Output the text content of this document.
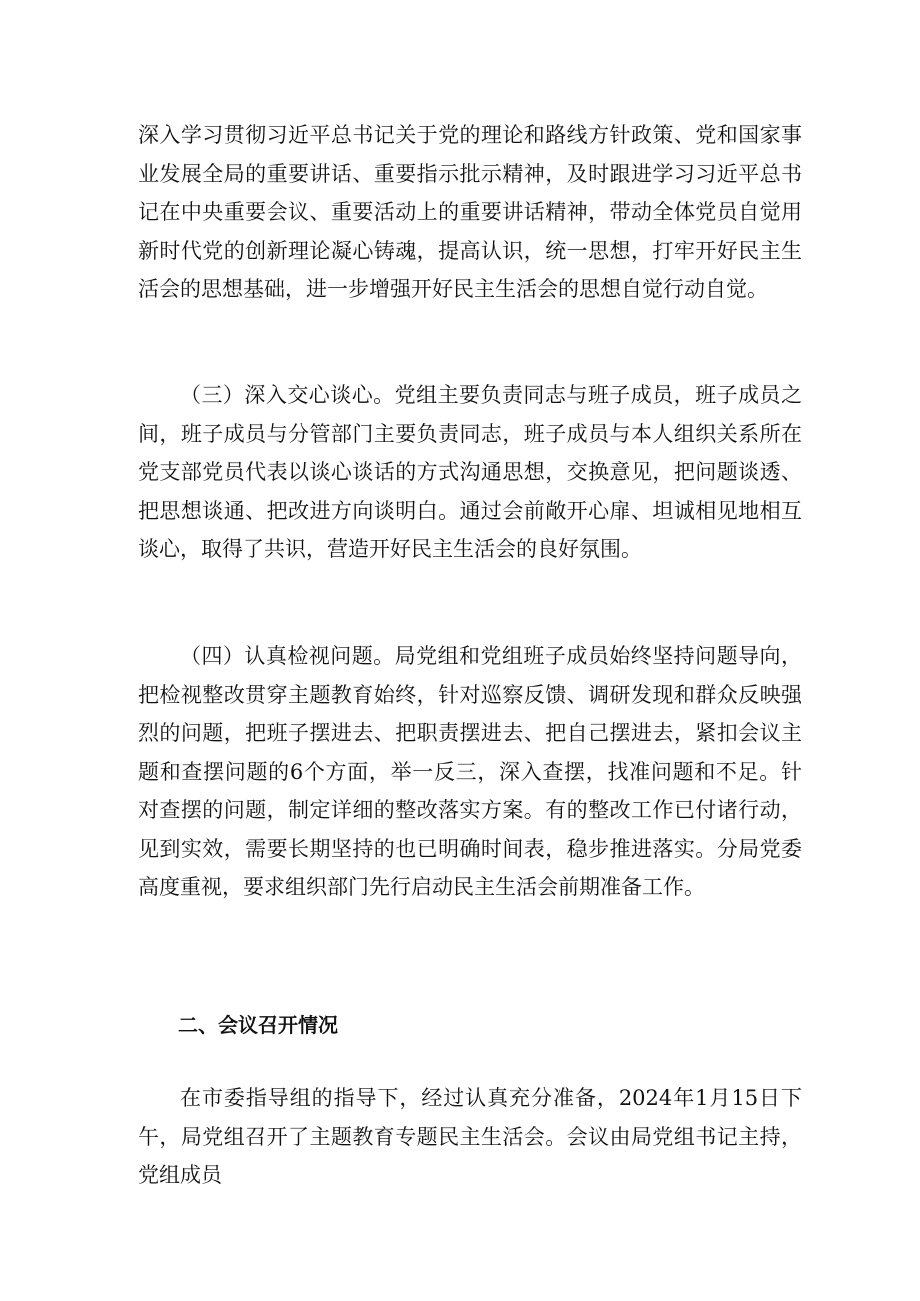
深入学习贯彻习近平总书记关于党的理论和路线方针政策、党和国家事业发展全局的重要讲话、重要指示批示精神，及时跟进学习习近平总书记在中央重要会议、重要活动上的重要讲话精神，带动全体党员自觉用新时代党的创新理论凝心铸魂，提高认识，统一思想，打牢开好民主生活会的思想基础，进一步增强开好民主生活会的思想自觉行动自觉。

（三）深入交心谈心。党组主要负责同志与班子成员，班子成员之间，班子成员与分管部门主要负责同志，班子成员与本人组织关系所在党支部党员代表以谈心谈话的方式沟通思想，交换意见，把问题谈透、把思想谈通、把改进方向谈明白。通过会前敞开心扉、坦诚相见地相互谈心，取得了共识，营造开好民主生活会的良好氛围。

（四）认真检视问题。局党组和党组班子成员始终坚持问题导向，把检视整改贯穿主题教育始终，针对巡察反馈、调研发现和群众反映强烈的问题，把班子摆进去、把职责摆进去、把自己摆进去，紧扣会议主题和查摆问题的6个方面，举一反三，深入查摆，找准问题和不足。针对查摆的问题，制定详细的整改落实方案。有的整改工作已付诸行动，见到实效，需要长期坚持的也已明确时间表，稳步推进落实。分局党委高度重视，要求组织部门先行启动民主生活会前期准备工作。

二、会议召开情况

在市委指导组的指导下，经过认真充分准备，2024年1月15日下午，局党组召开了主题教育专题民主生活会。会议由局党组书记主持，党组成员
